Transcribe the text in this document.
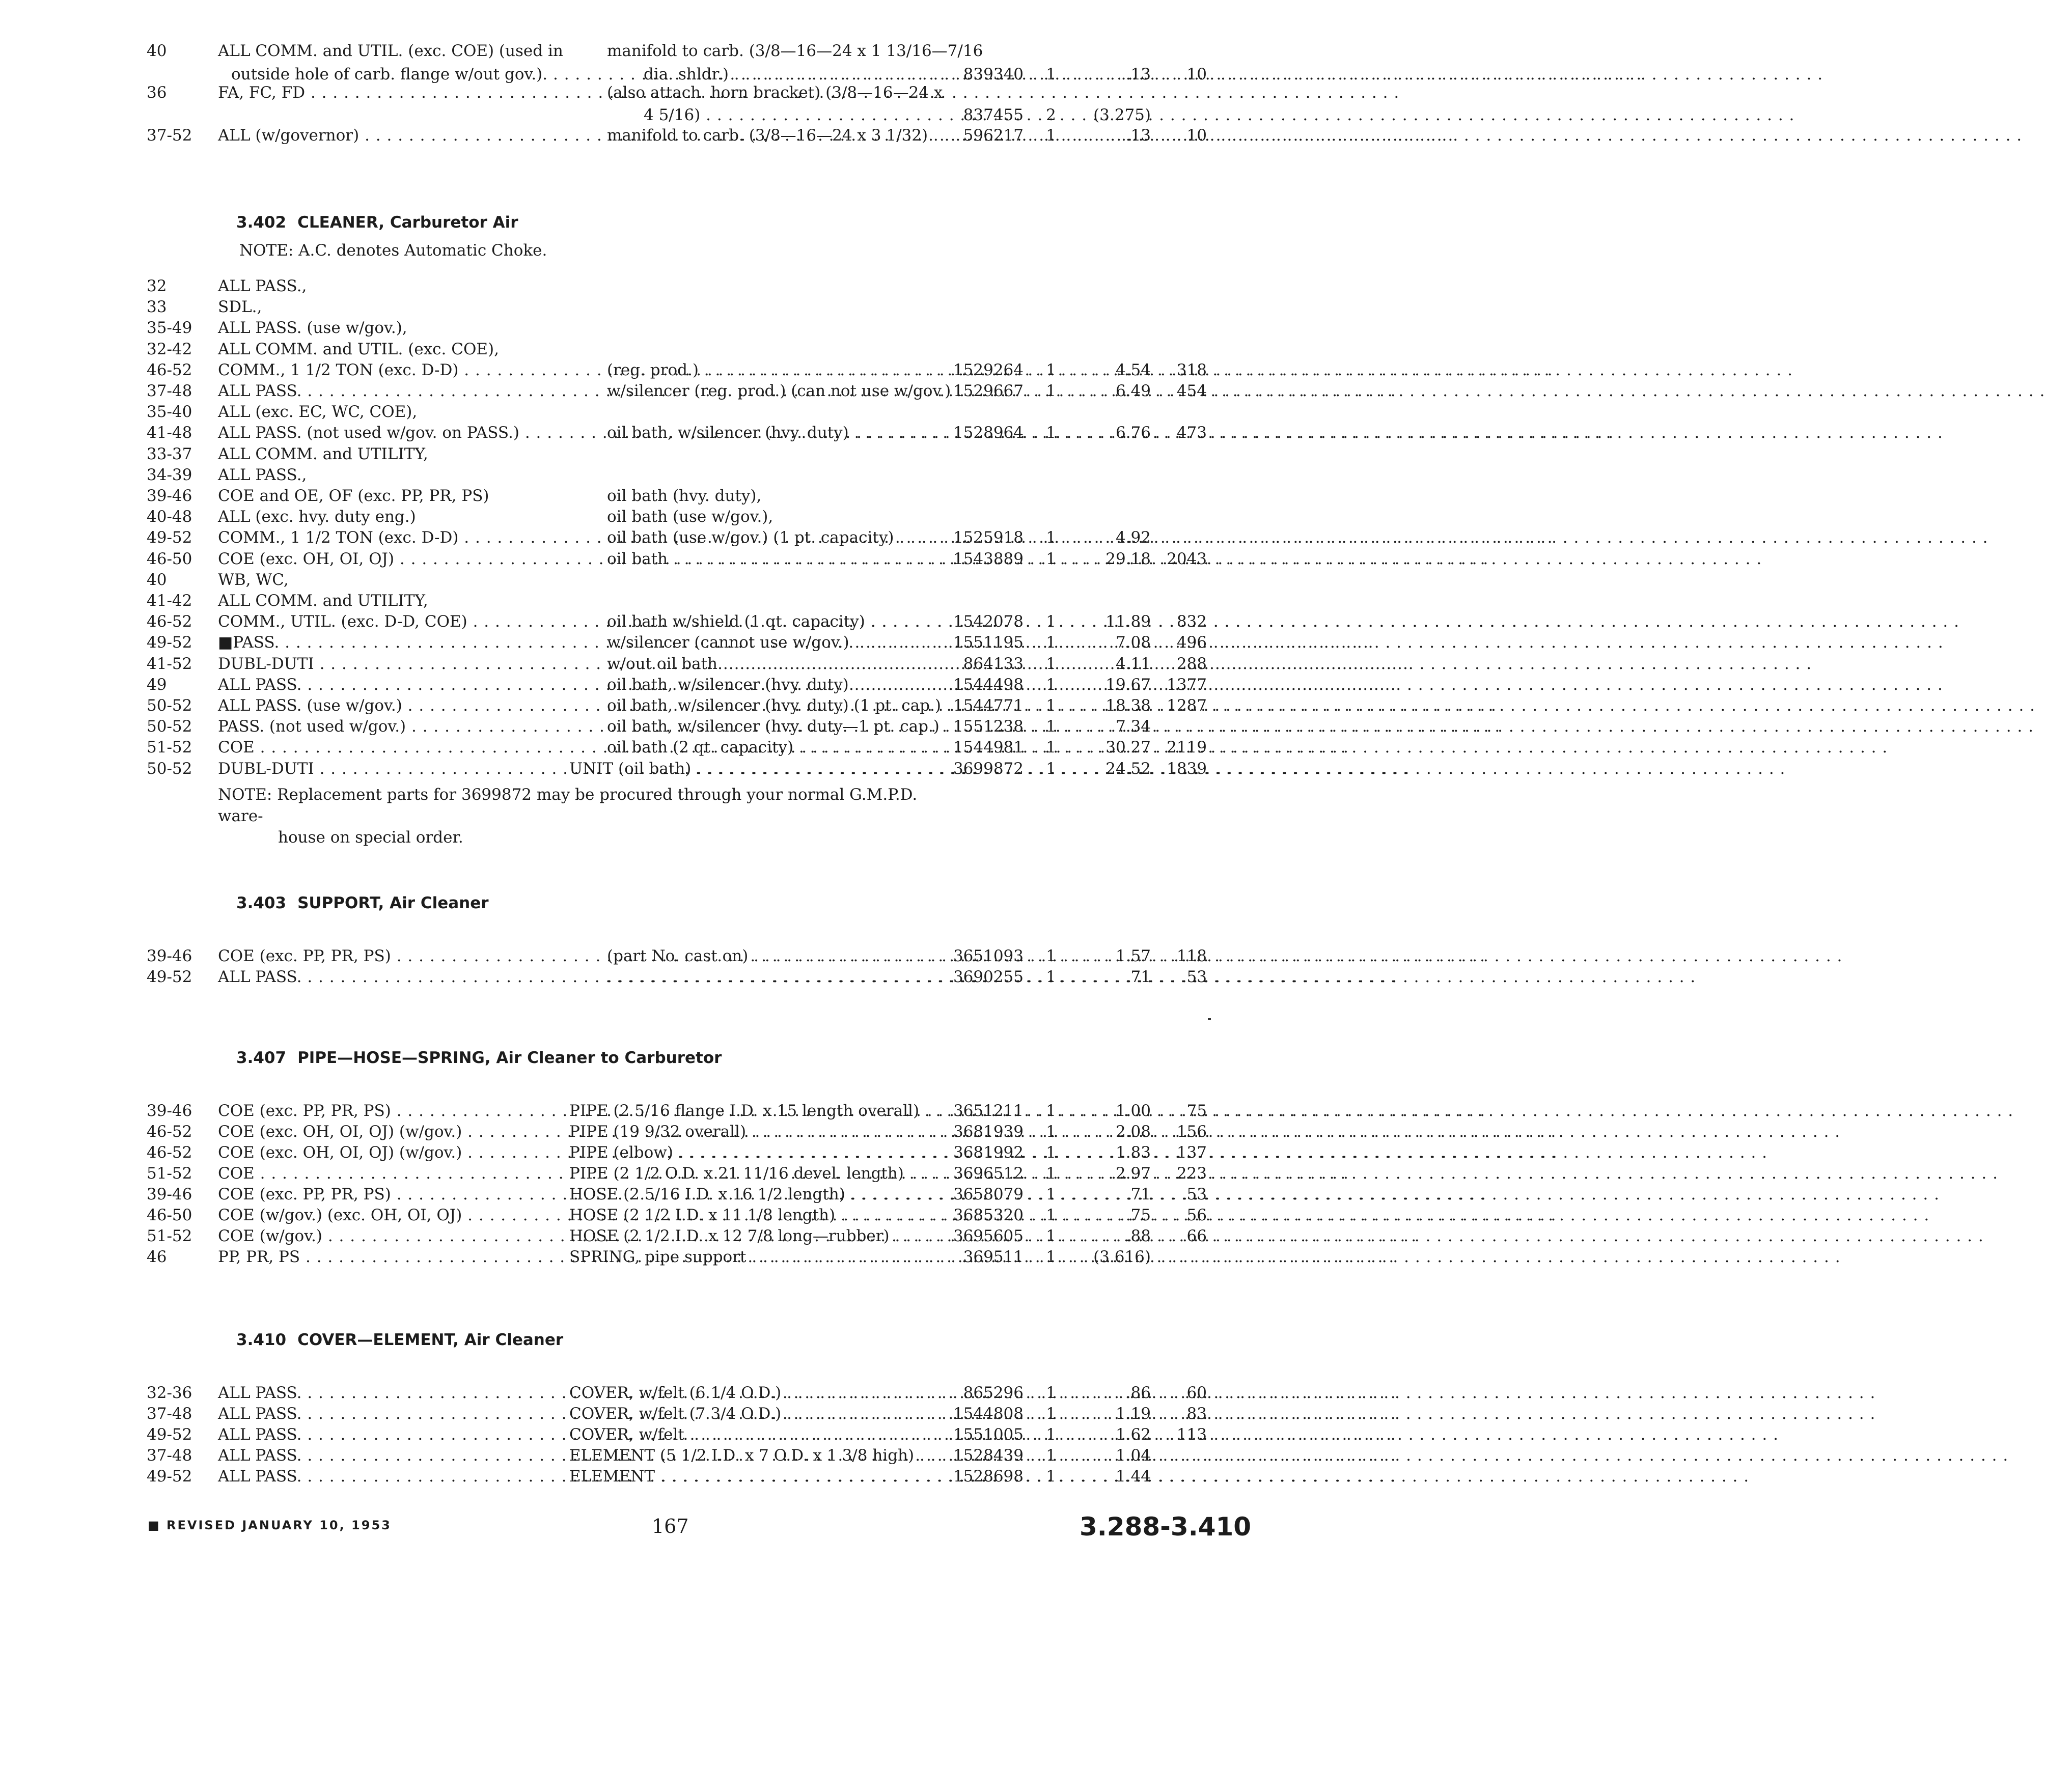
40	ALL COMM. and UTIL. (exc. COE) (used in	manifold to carb. (3/8—16—24 x 1 13/16—7/16
outside hole of carb. flange w/out gov.). . . .	dia. shldr.) . . .	839340	1	.13	10
36	FA, FC, FD . . .	(also attach. horn bracket) (3/8—16—24 x
4 5/16) . . .	837455	2	(3.275)
37-52 ALL (w/governor) . . .	manifold to carb. (3/8—16—24 x 3 1/32) . . .	596217	1	.13	10
3.402 CLEANER, Carburetor Air
NOTE: A.C. denotes Automatic Choke.
32	ALL PASS.,
33	SDL.,
35-49 ALL PASS. (use w/gov.),
32-42 ALL COMM. and UTIL. (exc. COE),
46-52 COMM., 1 1/2 TON (exc. D-D) . . .	(reg. prod.) . . .	1529264	1	4.54	318
37-48 ALL PASS. . . .	w/silencer (reg. prod.) (can not use w/gov.) . . . 1529667	1	6.49	454
35-40 ALL (exc. EC, WC, COE),
41-48 ALL PASS. (not used w/gov. on PASS.) . . .	oil bath, w/silencer (hvy. duty) . . .	1528964	1	6.76	473
33-37 ALL COMM. and UTILITY,
34-39 ALL PASS.,
39-46 COE and OE, OF (exc. PP, PR, PS)	oil bath (hvy. duty),
40-48 ALL (exc. hvy. duty eng.)	oil bath (use w/gov.),
49-52 COMM., 1 1/2 TON (exc. D-D) . . .	oil bath (use w/gov.) (1 pt. capacity) . . .	1525918	1	4.92
46-50 COE (exc. OH, OI, OJ) . . .	oil bath . . .	1543889	1	29.18 2043
40	WB, WC,
41-42 ALL COMM. and UTILITY,
46-52 COMM., UTIL. (exc. D-D, COE) . . .	oil bath w/shield (1 qt. capacity) . . .	1542078	1	11.89	832
49-52 ■PASS. . . .	w/silencer (cannot use w/gov.) . . .	1551195	1	7.08	496
41-52 DUBL-DUTI . . .	w/out oil bath . . .	864133	1	4.11	288
49	ALL PASS. . . .	oil bath, w/silencer (hvy. duty) . . .	1544498	1	19.67 1377
50-52 ALL PASS. (use w/gov.) . . .	oil bath, w/silencer (hvy. duty) (1 pt. cap.) . . . 1544771	1	18.38 1287
50-52 PASS. (not used w/gov.) . . .	oil bath, w/silencer (hvy. duty—1 pt. cap.) . . . 1551238	1	7.34
51-52 COE . . .	oil bath (2 qt. capacity) . . .	1544981	1	30.27 2119
50-52 DUBL-DUTI . . .	UNIT (oil bath) . . .	3699872	1	24.52 1839
NOTE: Replacement parts for 3699872 may be procured through your normal G.M.P.D. ware-
house on special order.
3.403 SUPPORT, Air Cleaner
39-46 COE (exc. PP, PR, PS) . . .	(part No. cast on) . . .	3651093	1	1.57	118
49-52 ALL PASS. . . .
. . .	3690255	1	.71	53
3.407 PIPE—HOSE—SPRING, Air Cleaner to Carburetor
39-46 COE (exc. PP, PR, PS) . . .	PIPE (2 5/16 flange I.D. x 15 length overall) . . .	3651211	1	1.00	75
46-52 COE (exc. OH, OI, OJ) (w/gov.) . . .	PIPE (19 9/32 overall) . . .	3681939	1	2.08	156
46-52 COE (exc. OH, OI, OJ) (w/gov.) . . .	PIPE (elbow) . . .	3681992	1	1.83	137
51-52 COE . . .	PIPE (2 1/2 O.D. x 21 11/16 devel. length) . . .	3696512	1	2.97	223
39-46 COE (exc. PP, PR, PS) . . .	HOSE (2 5/16 I.D. x 16 1/2 length) . . .	3658079	1	.71	53
46-50 COE (w/gov.) (exc. OH, OI, OJ) . . .	HOSE (2 1/2 I.D. x 11 1/8 length) . . .	3685320	1	.75	56
51-52 COE (w/gov.) . . .	HOSE (2 1/2 I.D. x 12 7/8 long—rubber) . . .	3695605	1	.88	66
46	PP, PR, PS . . .	SPRING, pipe support . . .	369511	1	(3.616)
3.410 COVER—ELEMENT, Air Cleaner
32-36 ALL PASS. . . .	COVER, w/felt (6 1/4 O.D.) . . .	865296	1	.86	60
37-48 ALL PASS. . . .	COVER, w/felt (7 3/4 O.D.) . . .	1544808	1	1.19	83
49-52 ALL PASS. . . .	COVER, w/felt . . .	1551005	1	1.62	113
37-48 ALL PASS. . . .	ELEMENT (5 1/2 I.D. x 7 O.D. x 1 3/8 high) . . .	1528439	1	1.04
49-52 ALL PASS. . . .	ELEMENT . . .	1528698	1	1.44
■ REVISED JANUARY 10, 1953	167	3.288-3.410
